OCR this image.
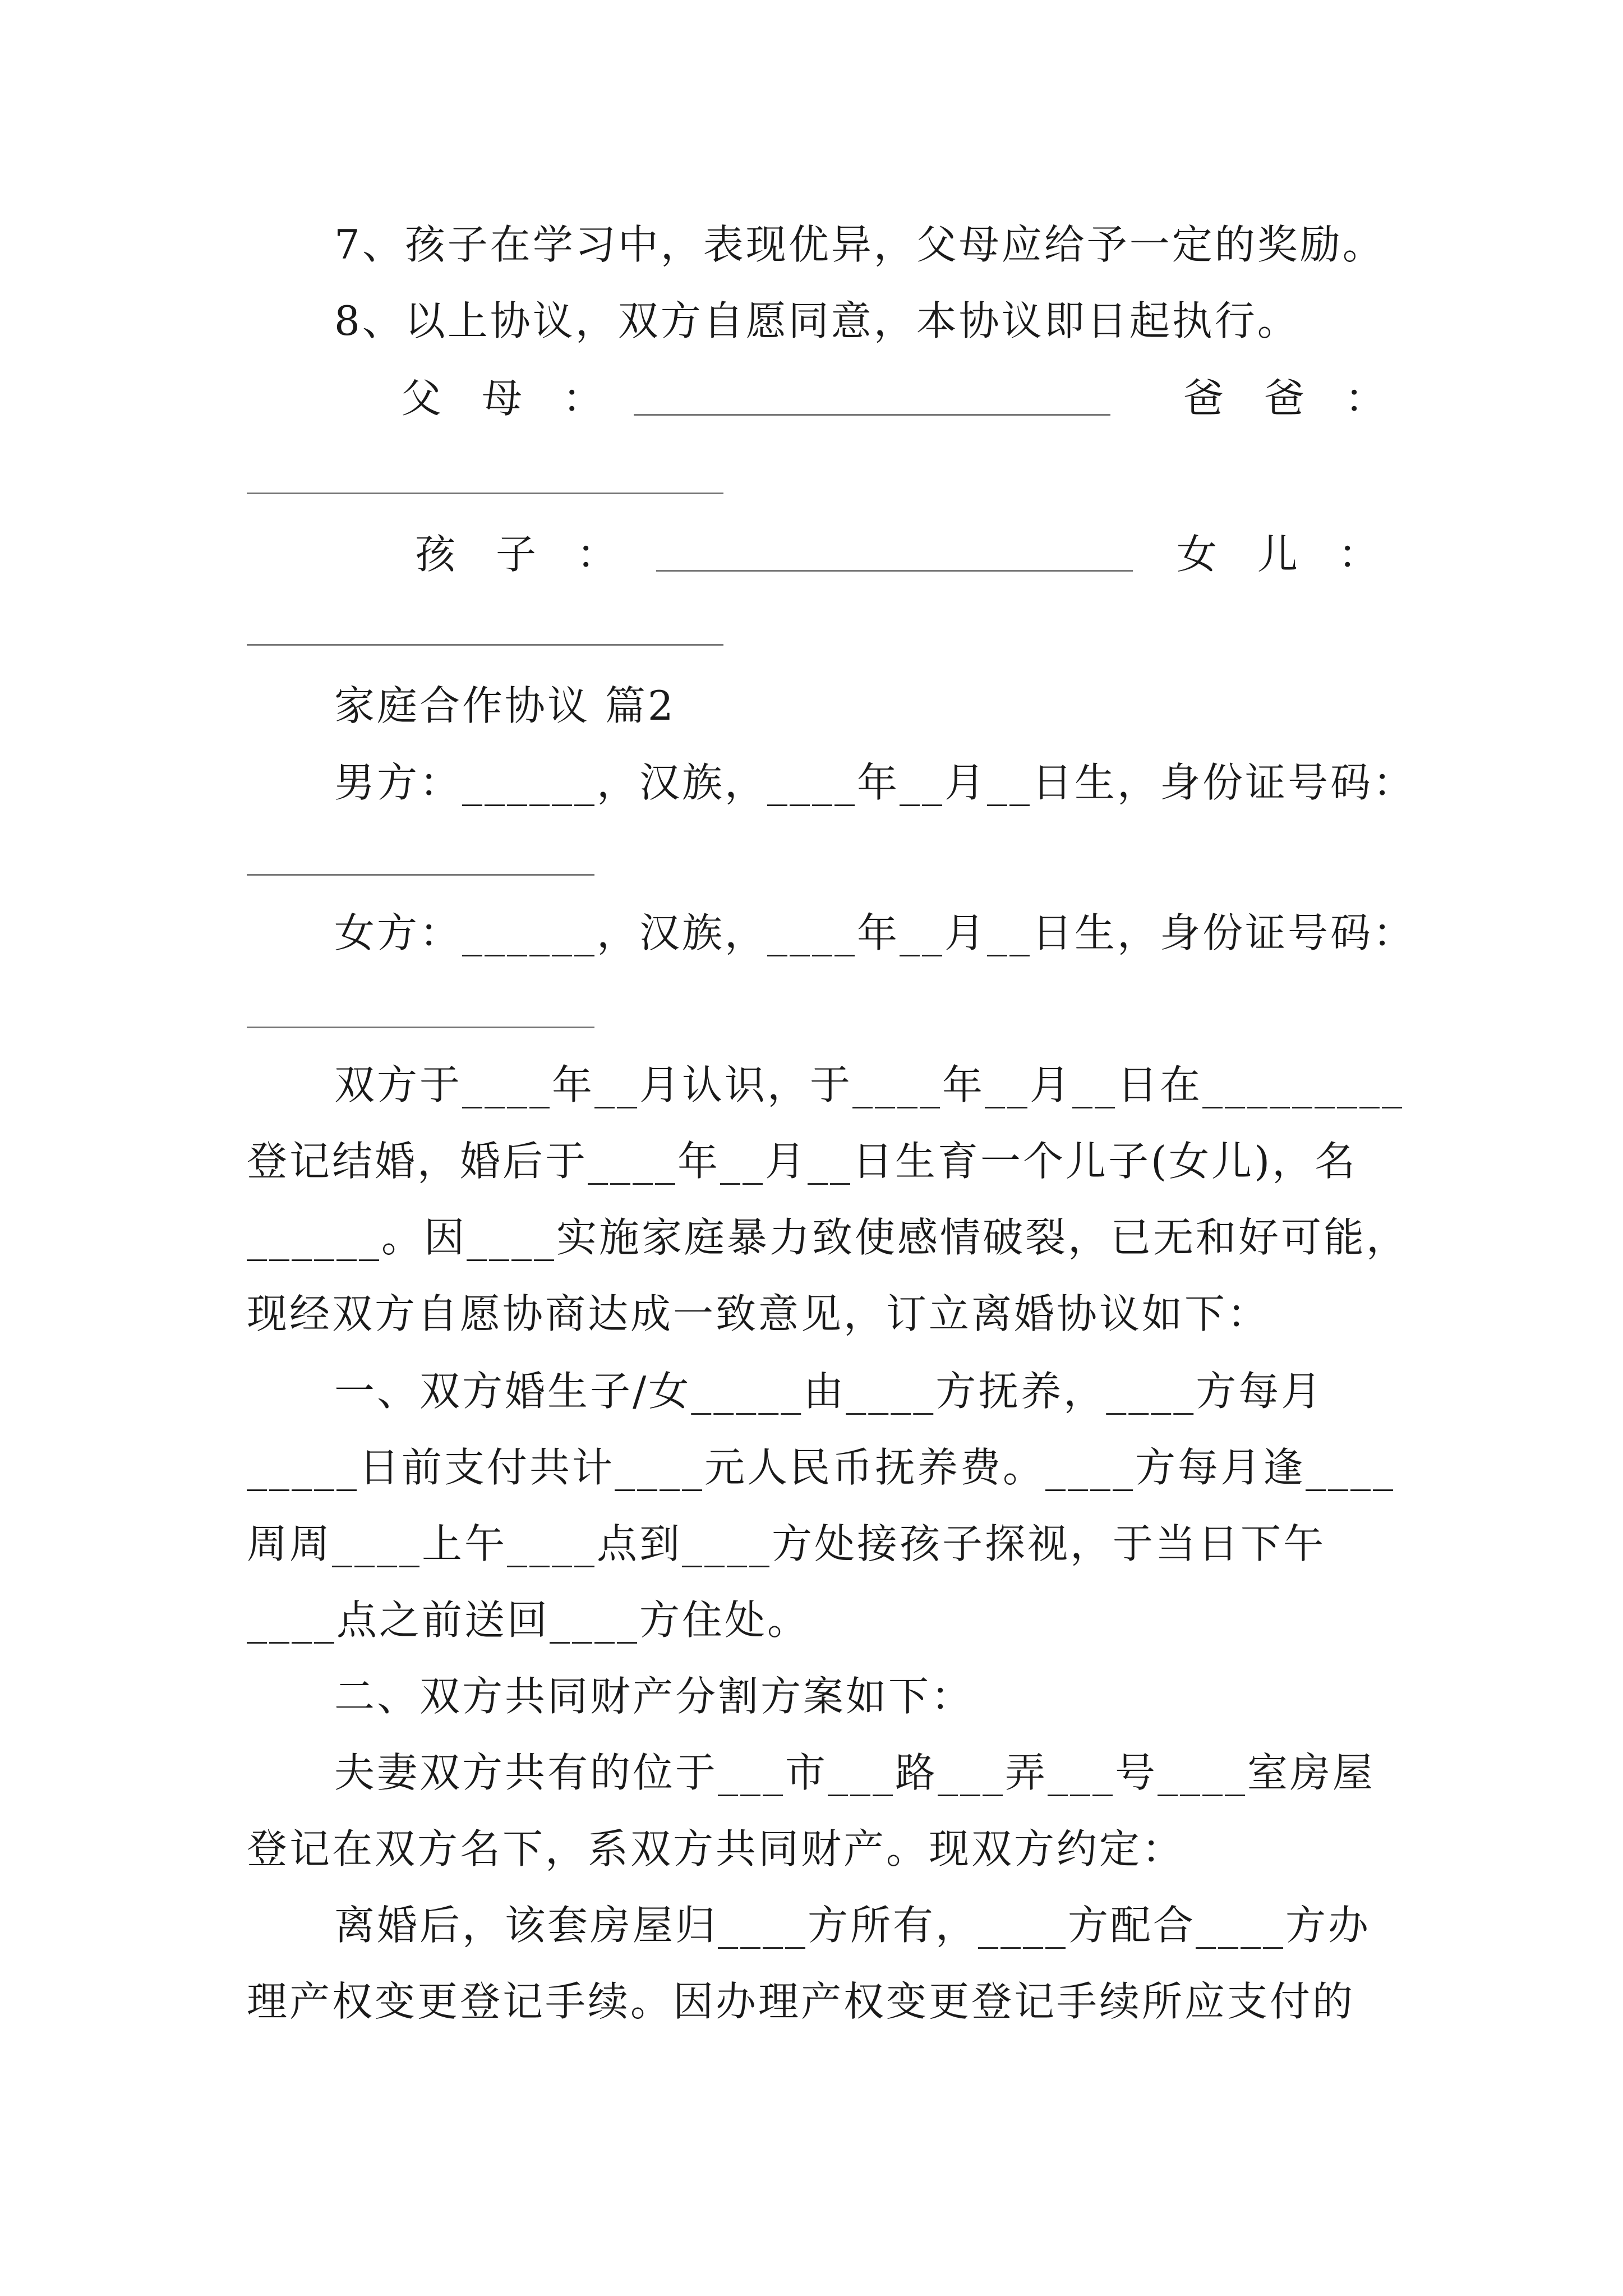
7、孩子在学习中，表现优异，父母应给予一定的奖励。
8、以上协议，双方自愿同意，本协议即日起执行。
父　母　：	爸　爸　：
孩　子　：	女　儿　：
家庭合作协议 篇2
男方：______，汉族，____年__月__日生，身份证号码：
女方：______，汉族，____年__月__日生，身份证号码：
双方于____年__月认识，于____年__月__日在_________
登记结婚，婚后于____年__月__日生育一个儿子(女儿)，名
______。因____实施家庭暴力致使感情破裂，已无和好可能，
现经双方自愿协商达成一致意见，订立离婚协议如下：
一、双方婚生子/女_____由____方抚养，____方每月
_____日前支付共计____元人民币抚养费。____方每月逢____
周周____上午____点到____方处接孩子探视，于当日下午
____点之前送回____方住处。
二、双方共同财产分割方案如下：
夫妻双方共有的位于___市___路___弄___号____室房屋
登记在双方名下，系双方共同财产。现双方约定：
离婚后，该套房屋归____方所有，____方配合____方办
理产权变更登记手续。因办理产权变更登记手续所应支付的
